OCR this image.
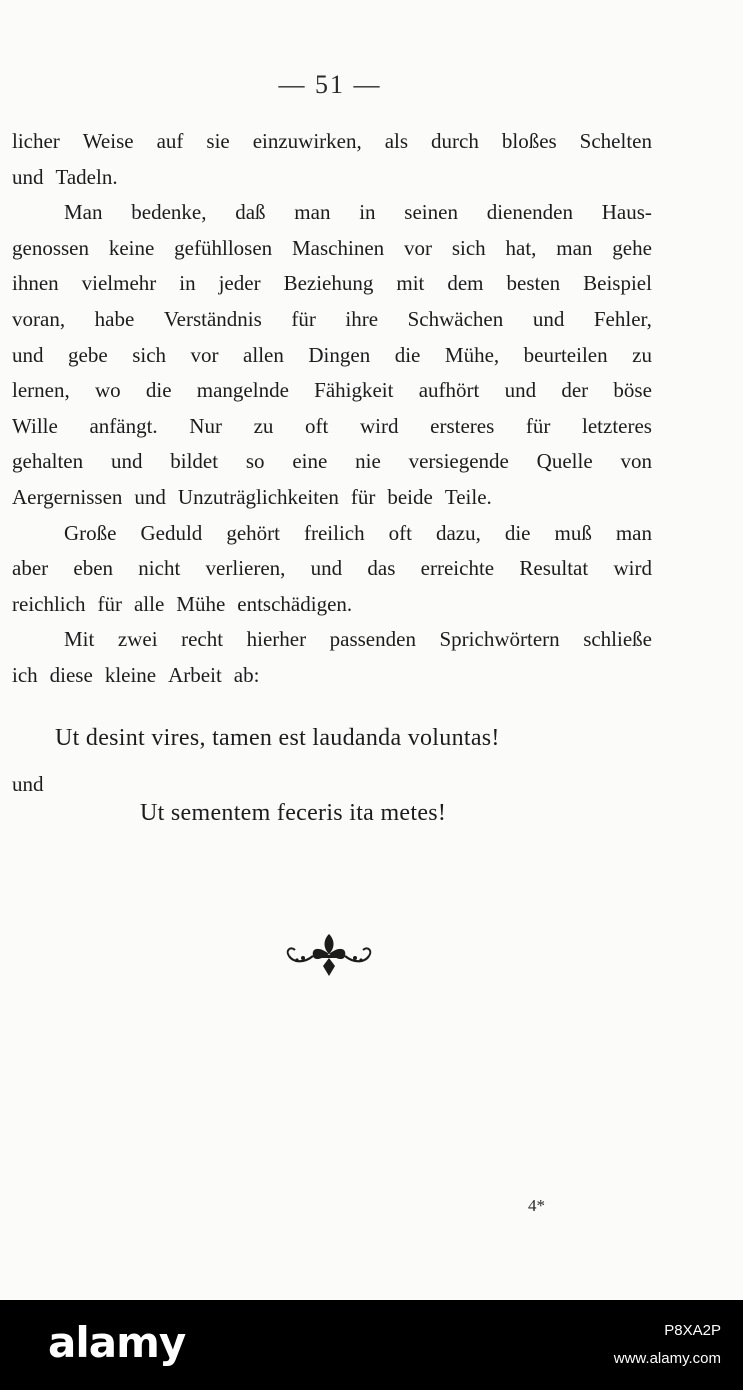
— 51 —
licher Weise auf sie einzuwirken, als durch bloßes Schelten
und Tadeln.
Man bedenke, daß man in seinen dienenden Haus-
genossen keine gefühllosen Maschinen vor sich hat, man gehe
ihnen vielmehr in jeder Beziehung mit dem besten Beispiel
voran, habe Verständnis für ihre Schwächen und Fehler,
und gebe sich vor allen Dingen die Mühe, beurteilen zu
lernen, wo die mangelnde Fähigkeit aufhört und der böse
Wille anfängt. Nur zu oft wird ersteres für letzteres
gehalten und bildet so eine nie versiegende Quelle von
Aergernissen und Unzuträglichkeiten für beide Teile.
Große Geduld gehört freilich oft dazu, die muß man
aber eben nicht verlieren, und das erreichte Resultat wird
reichlich für alle Mühe entschädigen.
Mit zwei recht hierher passenden Sprichwörtern schließe
ich diese kleine Arbeit ab:
Ut desint vires, tamen est laudanda voluntas!
und
Ut sementem feceris ita metes!
4*
alamy	P8XA2P
www.alamy.com
